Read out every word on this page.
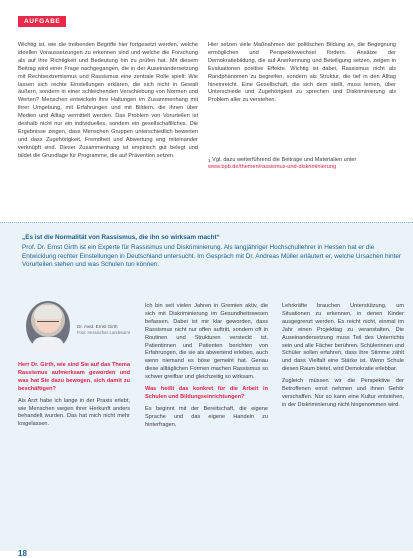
AUFGABE

Wichtig ist, wie die treibenden Begriffe hier fortgesetzt werden, welche ideellen Voraussetzungen zu erkennen sind und welche die Forschung als auf ihre Richtigkeit und Bedeutung hin zu prüfen hat. Mit diesem Beitrag wird einer Frage nachgegangen, die in der Auseinandersetzung mit Rechtsextremismus und Rassismus eine zentrale Rolle spielt: Wie lassen sich rechte Einstellungen erklären, die sich nicht in Gewalt äußern, sondern in einer schleichenden Verschiebung von Normen und Werten? Menschen entwickeln ihre Haltungen im Zusammenhang mit ihrer Umgebung, mit Erfahrungen und mit Bildern, die ihnen über Medien und Alltag vermittelt werden. Das Problem von Vorurteilen ist deshalb nicht nur ein individuelles, sondern ein gesellschaftliches. Die Ergebnisse zeigen, dass Menschen Gruppen unterschiedlich bewerten und dass Zugehörigkeit, Fremdheit und Abwertung eng miteinander verknüpft sind. Dieser Zusammenhang ist empirisch gut belegt und bildet die Grundlage für Programme, die auf Prävention setzen.

Hier setzen viele Maßnahmen der politischen Bildung an, die Begegnung ermöglichen und Perspektivwechsel fördern. Ansätze der Demokratiebildung, die auf Anerkennung und Beteiligung setzen, zeigen in Evaluationen positive Effekte. Wichtig ist dabei, Rassismus nicht als Randphänomen zu begreifen, sondern als Struktur, die tief in den Alltag hineinreicht. Eine Gesellschaft, die sich dem stellt, muss lernen, über Unterschiede und Zugehörigkeit zu sprechen und Diskriminierung als Problem aller zu verstehen.

$^1$ Vgl. dazu weiterführend die Beiträge und Materialien unter www.bpb.de/themen/rassismus-und-diskriminierung
„Es ist die Normalität von Rassismus, die ihn so wirksam macht“
Prof. Dr. Ernst Girth ist ein Experte für Rassismus und Diskriminierung. Als langjähriger Hochschullehrer in Hessen hat er die Entwicklung rechter Einstellungen in Deutschland untersucht. Im Gespräch mit Dr. Andreas Müller erläutert er, welche Ursachen hinter Vorurteilen stehen und was Schulen tun können.
Dr. med. Ernst Girth
Foto: Hessisches Landesamt
Herr Dr. Girth, wie sind Sie auf das Thema Rassismus aufmerksam geworden und was hat Sie dazu bewogen, sich damit zu beschäftigen?
Als Arzt habe ich lange in der Praxis erlebt, wie Menschen wegen ihrer Herkunft anders behandelt wurden. Das hat mich nicht mehr losgelassen.
Ich bin seit vielen Jahren in Gremien aktiv, die sich mit Diskriminierung im Gesundheitswesen befassen. Dabei ist mir klar geworden, dass Rassismus nicht nur offen auftritt, sondern oft in Routinen und Strukturen versteckt ist. Patientinnen und Patienten berichten von Erfahrungen, die sie als abwertend erleben, auch wenn niemand es böse gemeint hat. Genau diese alltäglichen Formen machen Rassismus so schwer greifbar und gleichzeitig so wirksam.
Was heißt das konkret für die Arbeit in Schulen und Bildungseinrichtungen?
Es beginnt mit der Bereitschaft, die eigene Sprache und das eigene Handeln zu hinterfragen.
Lehrkräfte brauchen Unterstützung, um Situationen zu erkennen, in denen Kinder ausgegrenzt werden. Es reicht nicht, einmal im Jahr einen Projekttag zu veranstalten. Die Auseinandersetzung muss Teil des Unterrichts sein und alle Fächer berühren. Schülerinnen und Schüler sollen erfahren, dass ihre Stimme zählt und dass Vielfalt eine Stärke ist. Wenn Schule diesen Raum bietet, wird Demokratie erlebbar.
Zugleich müssen wir die Perspektive der Betroffenen ernst nehmen und ihnen Gehör verschaffen. Nur so kann eine Kultur entstehen, in der Diskriminierung nicht hingenommen wird.
18
